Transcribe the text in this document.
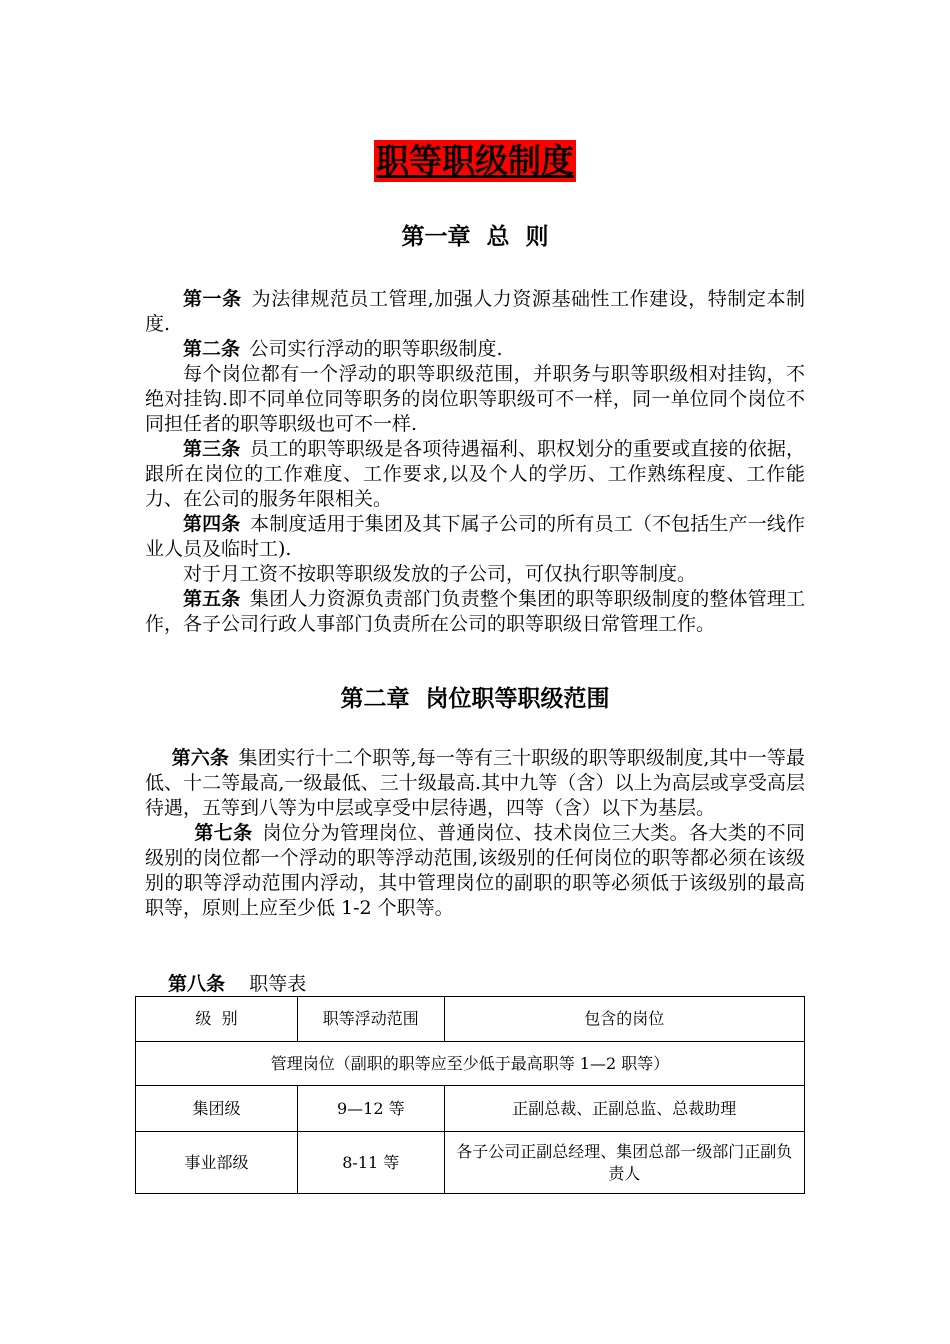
职等职级制度
第一章  总  则

第一条 为法律规范员工管理,加强人力资源基础性工作建设，特制定本制度.

第二条 公司实行浮动的职等职级制度.

每个岗位都有一个浮动的职等职级范围，并职务与职等职级相对挂钩，不绝对挂钩.即不同单位同等职务的岗位职等职级可不一样，同一单位同个岗位不同担任者的职等职级也可不一样.

第三条 员工的职等职级是各项待遇福利、职权划分的重要或直接的依据，跟所在岗位的工作难度、工作要求,以及个人的学历、工作熟练程度、工作能力、在公司的服务年限相关。

第四条 本制度适用于集团及其下属子公司的所有员工（不包括生产一线作业人员及临时工).

对于月工资不按职等职级发放的子公司，可仅执行职等制度。

第五条 集团人力资源负责部门负责整个集团的职等职级制度的整体管理工作，各子公司行政人事部门负责所在公司的职等职级日常管理工作。

第二章  岗位职等职级范围

第六条 集团实行十二个职等,每一等有三十职级的职等职级制度,其中一等最低、十二等最高,一级最低、三十级最高.其中九等（含）以上为高层或享受高层待遇，五等到八等为中层或享受中层待遇，四等（含）以下为基层。

第七条 岗位分为管理岗位、普通岗位、技术岗位三大类。各大类的不同级别的岗位都一个浮动的职等浮动范围,该级别的任何岗位的职等都必须在该级别的职等浮动范围内浮动，其中管理岗位的副职的职等必须低于该级别的最高职等，原则上应至少低 1-2 个职等。

第八条 职等表
级  别	职等浮动范围	包含的岗位
管理岗位（副职的职等应至少低于最高职等 1—2 职等）		
集团级	9—12 等	正副总裁、正副总监、总裁助理
事业部级	8-11 等	各子公司正副总经理、集团总部一级部门正副负责人
